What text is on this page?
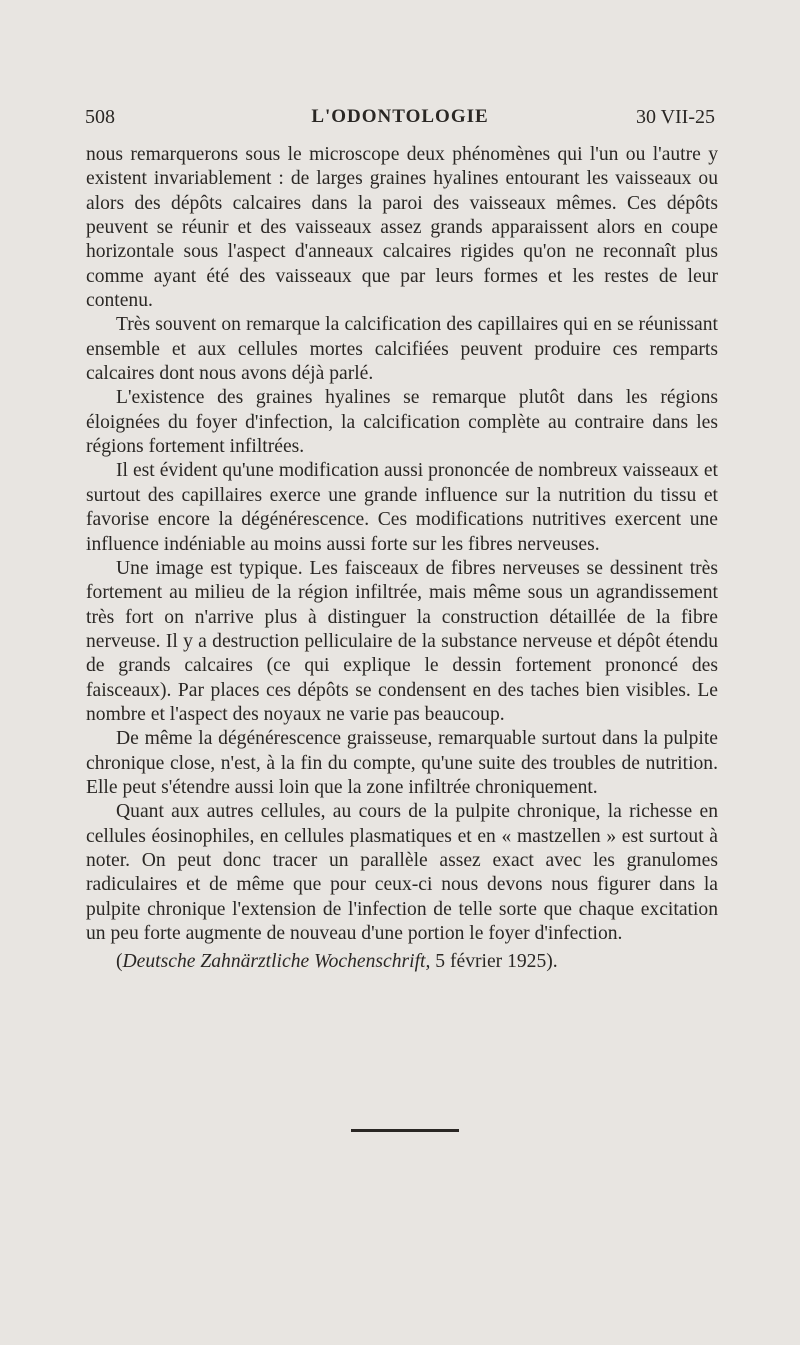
508	L'ODONTOLOGIE	30 VII-25

nous remarquerons sous le microscope deux phénomènes qui l'un ou l'autre y existent invariablement : de larges graines hyalines entourant les vaisseaux ou alors des dépôts calcaires dans la paroi des vaisseaux mêmes. Ces dépôts peuvent se réunir et des vaisseaux assez grands apparaissent alors en coupe horizontale sous l'aspect d'anneaux calcaires rigides qu'on ne reconnaît plus comme ayant été des vaisseaux que par leurs formes et les restes de leur contenu.

Très souvent on remarque la calcification des capillaires qui en se réunissant ensemble et aux cellules mortes calcifiées peuvent produire ces remparts calcaires dont nous avons déjà parlé.

L'existence des graines hyalines se remarque plutôt dans les régions éloignées du foyer d'infection, la calcification complète au contraire dans les régions fortement infiltrées.

Il est évident qu'une modification aussi prononcée de nombreux vaisseaux et surtout des capillaires exerce une grande influence sur la nutrition du tissu et favorise encore la dégénérescence. Ces modifications nutritives exercent une influence indéniable au moins aussi forte sur les fibres nerveuses.

Une image est typique. Les faisceaux de fibres nerveuses se dessinent très fortement au milieu de la région infiltrée, mais même sous un agrandissement très fort on n'arrive plus à distinguer la construction détaillée de la fibre nerveuse. Il y a destruction pelliculaire de la substance nerveuse et dépôt étendu de grands calcaires (ce qui explique le dessin fortement prononcé des faisceaux). Par places ces dépôts se condensent en des taches bien visibles. Le nombre et l'aspect des noyaux ne varie pas beaucoup.

De même la dégénérescence graisseuse, remarquable surtout dans la pulpite chronique close, n'est, à la fin du compte, qu'une suite des troubles de nutrition. Elle peut s'étendre aussi loin que la zone infiltrée chroniquement.

Quant aux autres cellules, au cours de la pulpite chronique, la richesse en cellules éosinophiles, en cellules plasmatiques et en « mastzellen » est surtout à noter. On peut donc tracer un parallèle assez exact avec les granulomes radiculaires et de même que pour ceux-ci nous devons nous figurer dans la pulpite chronique l'extension de l'infection de telle sorte que chaque excitation un peu forte augmente de nouveau d'une portion le foyer d'infection.

(Deutsche Zahnärztliche Wochenschrift, 5 février 1925).
